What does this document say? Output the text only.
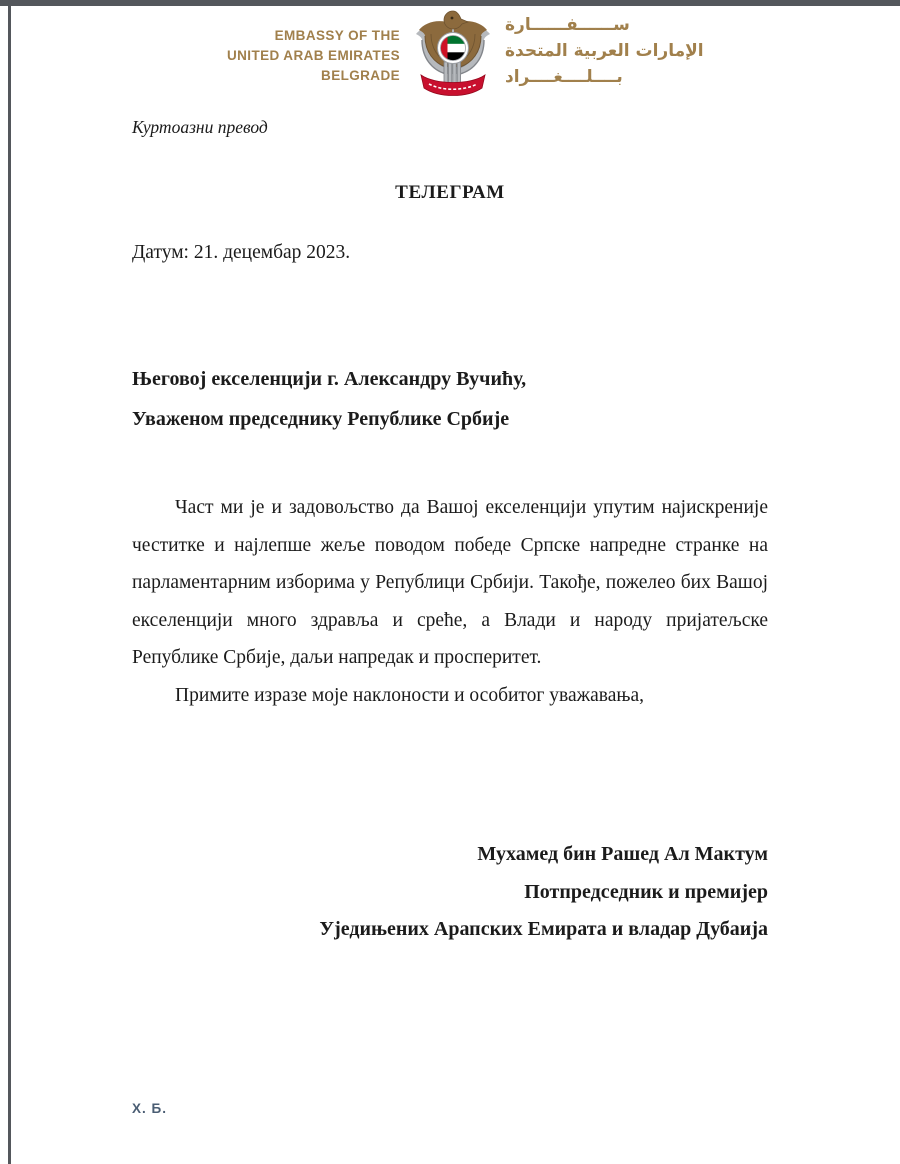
EMBASSY OF THE
UNITED ARAB EMIRATES
BELGRADE
ســــــفــــــارة
الإمارات العربية المتحدة
بــــلــــغــــراد
Куртоазни превод
ТЕЛЕГРАМ
Датум: 21. децембар 2023.
Његовој екселенцији г. Александру Вучићу,
Уваженом председнику Републике Србије

Част ми је и задовољство да Вашој екселенцији упутим најискреније честитке и најлепше жеље поводом победе Српске напредне странке на парламентарним изборима у Републици Србији. Такође, пожелео бих Вашој екселенцији много здравља и среће, а Влади и народу пријатељске Републике Србије, даљи напредак и просперитет.

Примите изразе моје наклоности и особитог уважавања,

Мухамед бин Рашед Ал Мактум
Потпредседник и премијер
Уједињених Арапских Емирата и владар Дубаија
Х. Б.
